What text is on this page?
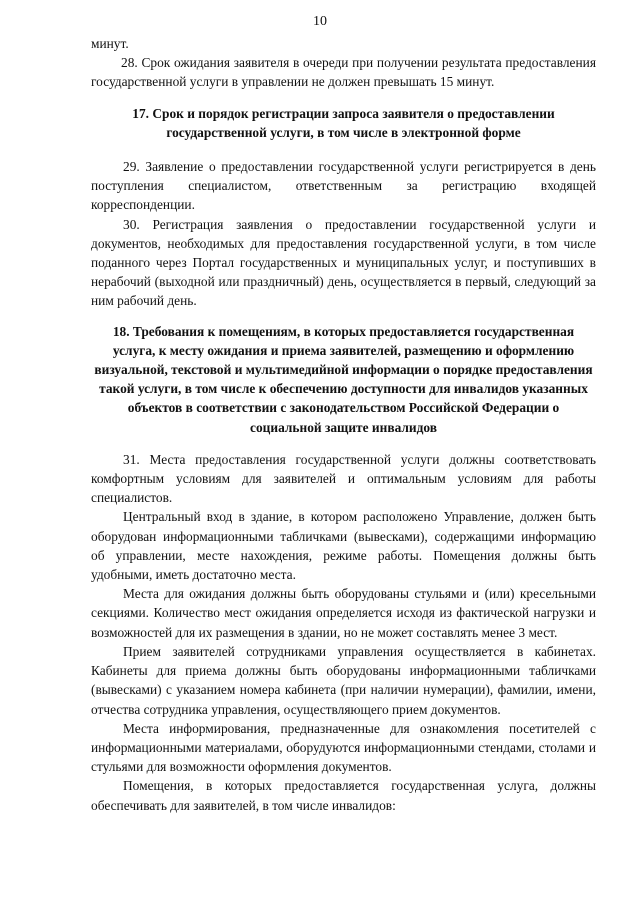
10

минут.

28. Срок ожидания заявителя в очереди при получении результата предоставления государственной услуги в управлении не должен превышать 15 минут.

17. Срок и порядок регистрации запроса заявителя о предоставлении
государственной услуги, в том числе в электронной форме

29. Заявление о предоставлении государственной услуги регистрируется в день поступления специалистом, ответственным за регистрацию входящей корреспонденции.

30. Регистрация заявления о предоставлении государственной услуги и документов, необходимых для предоставления государственной услуги, в том числе поданного через Портал государственных и муниципальных услуг, и поступивших в нерабочий (выходной или праздничный) день, осуществляется в первый, следующий за ним рабочий день.

18. Требования к помещениям, в которых предоставляется государственная услуга, к месту ожидания и приема заявителей, размещению и оформлению визуальной, текстовой и мультимедийной информации о порядке предоставления такой услуги, в том числе к обеспечению доступности для инвалидов указанных объектов в соответствии с законодательством Российской Федерации о социальной защите инвалидов

31. Места предоставления государственной услуги должны соответствовать комфортным условиям для заявителей и оптимальным условиям для работы специалистов.

Центральный вход в здание, в котором расположено Управление, должен быть оборудован информационными табличками (вывесками), содержащими информацию об управлении, месте нахождения, режиме работы. Помещения должны быть удобными, иметь достаточно места.

Места для ожидания должны быть оборудованы стульями и (или) кресельными секциями. Количество мест ожидания определяется исходя из фактической нагрузки и возможностей для их размещения в здании, но не может составлять менее 3 мест.

Прием заявителей сотрудниками управления осуществляется в кабинетах. Кабинеты для приема должны быть оборудованы информационными табличками (вывесками) с указанием номера кабинета (при наличии нумерации), фамилии, имени, отчества сотрудника управления, осуществляющего прием документов.

Места информирования, предназначенные для ознакомления посетителей с информационными материалами, оборудуются информационными стендами, столами и стульями для возможности оформления документов.

Помещения, в которых предоставляется государственная услуга, должны обеспечивать для заявителей, в том числе инвалидов:
